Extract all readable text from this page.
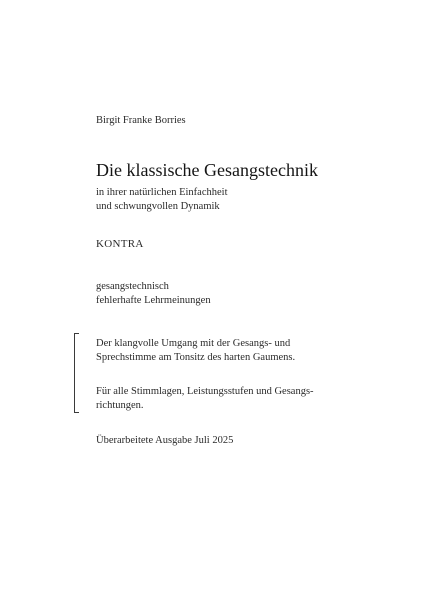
Birgit Franke Borries
Die klassische Gesangstechnik
in ihrer natürlichen Einfachheit
und schwungvollen Dynamik
KONTRA
gesangstechnisch
fehlerhafte Lehrmeinungen
Der klangvolle Umgang mit der Gesangs- und
Sprechstimme am Tonsitz des harten Gaumens.
Für alle Stimmlagen, Leistungsstufen und Gesangs-
richtungen.
Überarbeitete Ausgabe Juli 2025
